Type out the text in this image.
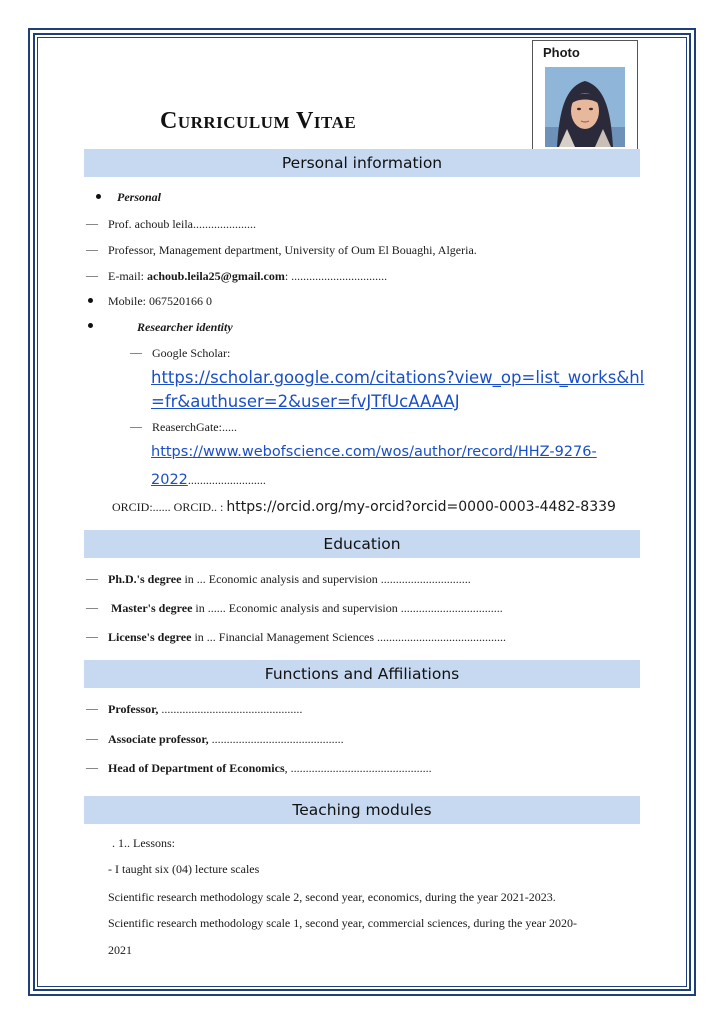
Photo
Curriculum Vitae
Personal information
Personal
— Prof. achoub leila.....................
— Professor, Management department, University of Oum El Bouaghi, Algeria.
— E-mail: achoub.leila25@gmail.com: ................................
Mobile: 067520166 0
Researcher identity
— Google Scholar:
https://scholar.google.com/citations?view_op=list_works&hl
=fr&authuser=2&user=fvJTfUcAAAAJ
— ReaserchGate:.....
https://www.webofscience.com/wos/author/record/HHZ-9276-
2022..........................
ORCID:...... ORCID.. : https://orcid.org/my-orcid?orcid=0000-0003-4482-8339
Education
— Ph.D.'s degree in ... Economic analysis and supervision ..............................
— Master's degree in ...... Economic analysis and supervision ..................................
— License's degree in ... Financial Management Sciences ...........................................
Functions and Affiliations
— Professor, ...............................................
— Associate professor, ............................................
— Head of Department of Economics, ...............................................
Teaching modules
. 1.. Lessons:
- I taught six (04) lecture scales
Scientific research methodology scale 2, second year, economics, during the year 2021-2023.
Scientific research methodology scale 1, second year, commercial sciences, during the year 2020-
2021
